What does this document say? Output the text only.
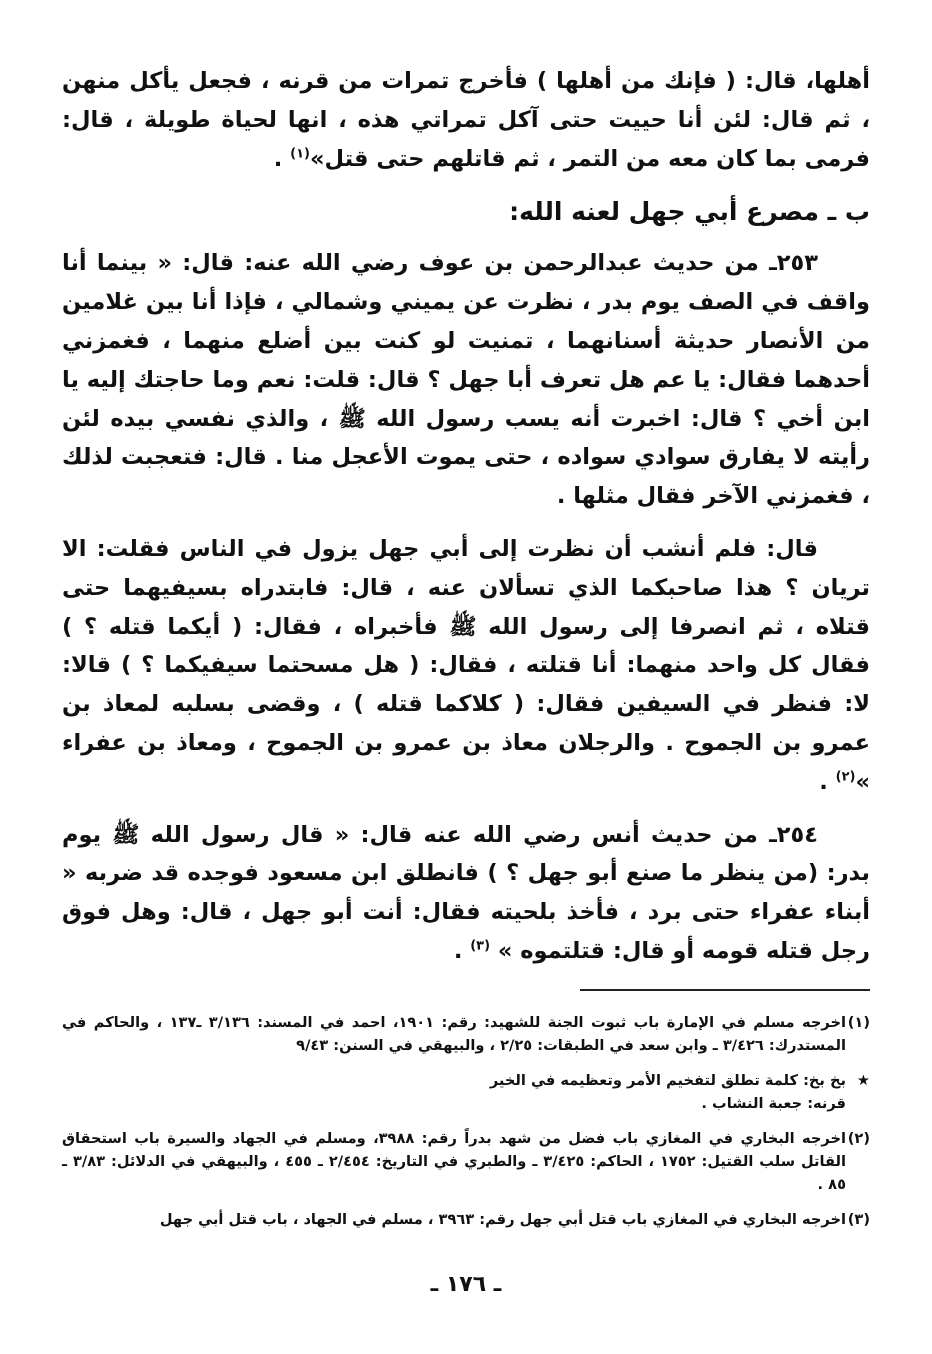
أهلها، قال: ( فإنك من أهلها ) فأخرج تمرات من قرنه ، فجعل يأكل منهن ، ثم قال: لئن أنا حييت حتى آكل تمراتي هذه ، انها لحياة طويلة ، قال: فرمى بما كان معه من التمر ، ثم قاتلهم حتى قتل»$^{(١)}$ .

ب ـ مصرع أبي جهل لعنه الله:

٢٥٣ـ من حديث عبدالرحمن بن عوف رضي الله عنه: قال: « بينما أنا واقف في الصف يوم بدر ، نظرت عن يميني وشمالي ، فإذا أنا بين غلامين من الأنصار حديثة أسنانهما ، تمنيت لو كنت بين أضلع منهما ، فغمزني أحدهما فقال: يا عم هل تعرف أبا جهل ؟ قال: قلت: نعم وما حاجتك إليه يا ابن أخي ؟ قال: اخبرت أنه يسب رسول الله ﷺ ، والذي نفسي بيده لئن رأيته لا يفارق سوادي سواده ، حتى يموت الأعجل منا . قال: فتعجبت لذلك ، فغمزني الآخر فقال مثلها .

قال: فلم أنشب أن نظرت إلى أبي جهل يزول في الناس فقلت: الا تريان ؟ هذا صاحبكما الذي تسألان عنه ، قال: فابتدراه بسيفيهما حتى قتلاه ، ثم انصرفا إلى رسول الله ﷺ فأخبراه ، فقال: ( أيكما قتله ؟ ) فقال كل واحد منهما: أنا قتلته ، فقال: ( هل مسحتما سيفيكما ؟ ) قالا: لا: فنظر في السيفين فقال: ( كلاكما قتله ) ، وقضى بسلبه لمعاذ بن عمرو بن الجموح . والرجلان معاذ بن عمرو بن الجموح ، ومعاذ بن عفراء »$^{(٢)}$ .

٢٥٤ـ من حديث أنس رضي الله عنه قال: « قال رسول الله ﷺ يوم بدر: (من ينظر ما صنع أبو جهل ؟ ) فانطلق ابن مسعود فوجده قد ضربه « أبناء عفراء حتى برد ، فأخذ بلحيته فقال: أنت أبو جهل ، قال: وهل فوق رجل قتله قومه أو قال: قتلتموه » $^{(٣)}$ .

(١)

اخرجه مسلم في الإمارة باب ثبوت الجنة للشهيد: رقم: ١٩٠١، احمد في المسند: ٣/١٣٦ ـ١٣٧ ، والحاكم في المستدرك: ٣/٤٢٦ ـ وابن سعد في الطبقات: ٢/٢٥ ، والبيهقي في السنن: ٩/٤٣

★

بخ بخ: كلمة تطلق لتفخيم الأمر وتعظيمه في الخير

قرنه: جعبة النشاب .

(٢)

اخرجه البخاري في المغازي باب فضل من شهد بدراً رقم: ٣٩٨٨، ومسلم في الجهاد والسيرة باب استحقاق القاتل سلب القتيل: ١٧٥٢ ، الحاكم: ٣/٤٢٥ ـ والطبري في التاريخ: ٢/٤٥٤ ـ ٤٥٥ ، والبيهقي في الدلائل: ٣/٨٣ ـ ٨٥ .

(٣)

اخرجه البخاري في المغازي باب قتل أبي جهل رقم: ٣٩٦٣ ، مسلم في الجهاد ، باب قتل أبي جهل

ـ ١٧٦ ـ
